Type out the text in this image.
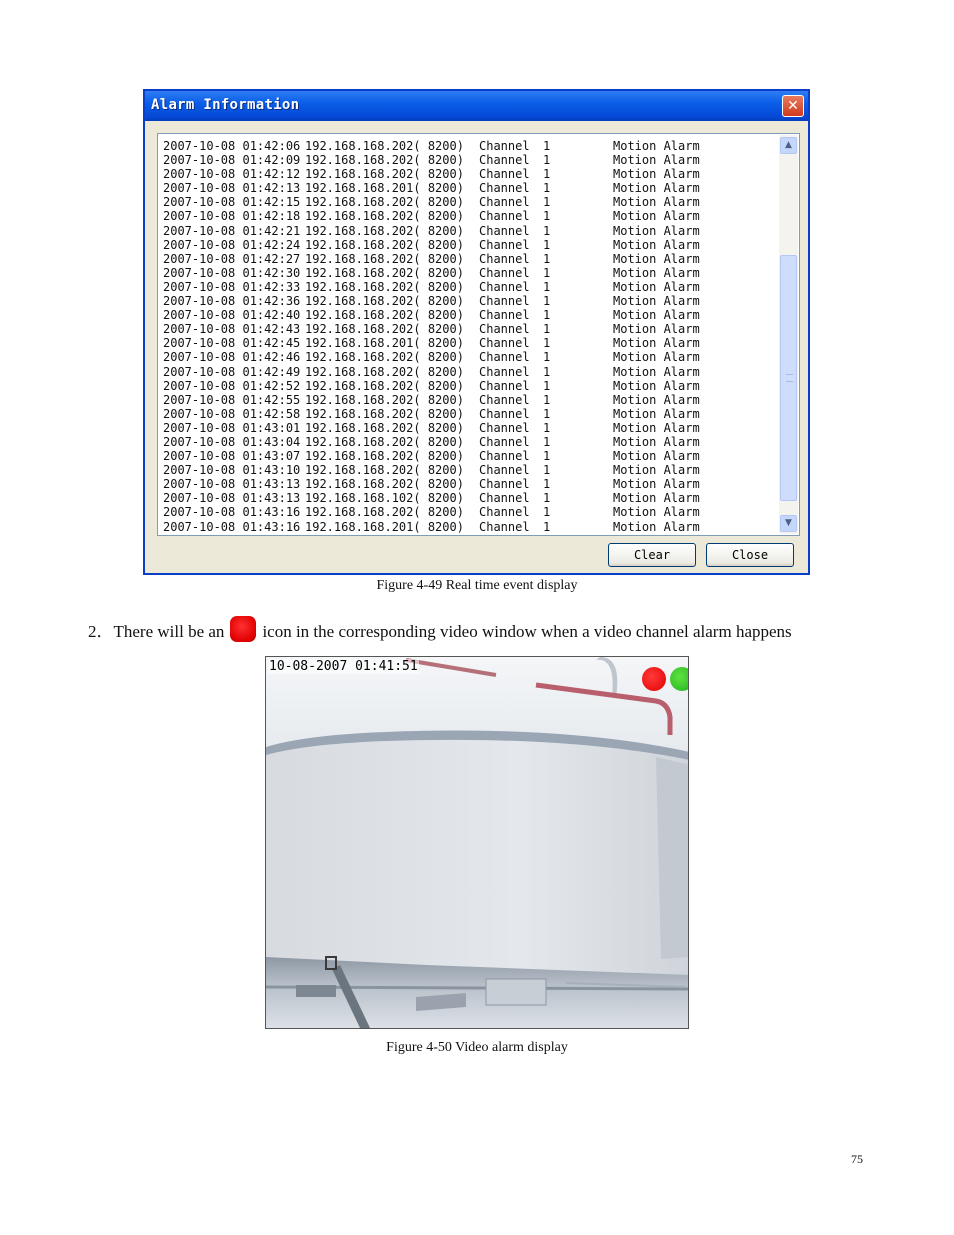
Alarm Information	✕
2007-10-08 01:42:06 192.168.168.202( 8200) Channel 1	Motion Alarm
2007-10-08 01:42:09 192.168.168.202( 8200) Channel 1	Motion Alarm
2007-10-08 01:42:12 192.168.168.202( 8200) Channel 1	Motion Alarm
2007-10-08 01:42:13 192.168.168.201( 8200) Channel 1	Motion Alarm
2007-10-08 01:42:15 192.168.168.202( 8200) Channel 1	Motion Alarm
2007-10-08 01:42:18 192.168.168.202( 8200) Channel 1	Motion Alarm
2007-10-08 01:42:21 192.168.168.202( 8200) Channel 1	Motion Alarm
2007-10-08 01:42:24 192.168.168.202( 8200) Channel 1	Motion Alarm
2007-10-08 01:42:27 192.168.168.202( 8200) Channel 1	Motion Alarm
2007-10-08 01:42:30 192.168.168.202( 8200) Channel 1	Motion Alarm
2007-10-08 01:42:33 192.168.168.202( 8200) Channel 1	Motion Alarm
2007-10-08 01:42:36 192.168.168.202( 8200) Channel 1	Motion Alarm
2007-10-08 01:42:40 192.168.168.202( 8200) Channel 1	Motion Alarm
2007-10-08 01:42:43 192.168.168.202( 8200) Channel 1	Motion Alarm
2007-10-08 01:42:45 192.168.168.201( 8200) Channel 1	Motion Alarm
2007-10-08 01:42:46 192.168.168.202( 8200) Channel 1	Motion Alarm
2007-10-08 01:42:49 192.168.168.202( 8200) Channel 1	Motion Alarm
2007-10-08 01:42:52 192.168.168.202( 8200) Channel 1	Motion Alarm
2007-10-08 01:42:55 192.168.168.202( 8200) Channel 1	Motion Alarm
2007-10-08 01:42:58 192.168.168.202( 8200) Channel 1	Motion Alarm
2007-10-08 01:43:01 192.168.168.202( 8200) Channel 1	Motion Alarm
2007-10-08 01:43:04 192.168.168.202( 8200) Channel 1	Motion Alarm
2007-10-08 01:43:07 192.168.168.202( 8200) Channel 1	Motion Alarm
2007-10-08 01:43:10 192.168.168.202( 8200) Channel 1	Motion Alarm
2007-10-08 01:43:13 192.168.168.202( 8200) Channel 1	Motion Alarm
2007-10-08 01:43:13 192.168.168.102( 8200) Channel 1	Motion Alarm
2007-10-08 01:43:16 192.168.168.202( 8200) Channel 1	Motion Alarm
2007-10-08 01:43:16 192.168.168.201( 8200) Channel 1	Motion Alarm
▲
▼
Clear	Close
Figure 4-49 Real time event display
2．There will be an icon in the corresponding video window when a video channel alarm happens
10-08-2007 01:41:51
Figure 4-50 Video alarm display
75
